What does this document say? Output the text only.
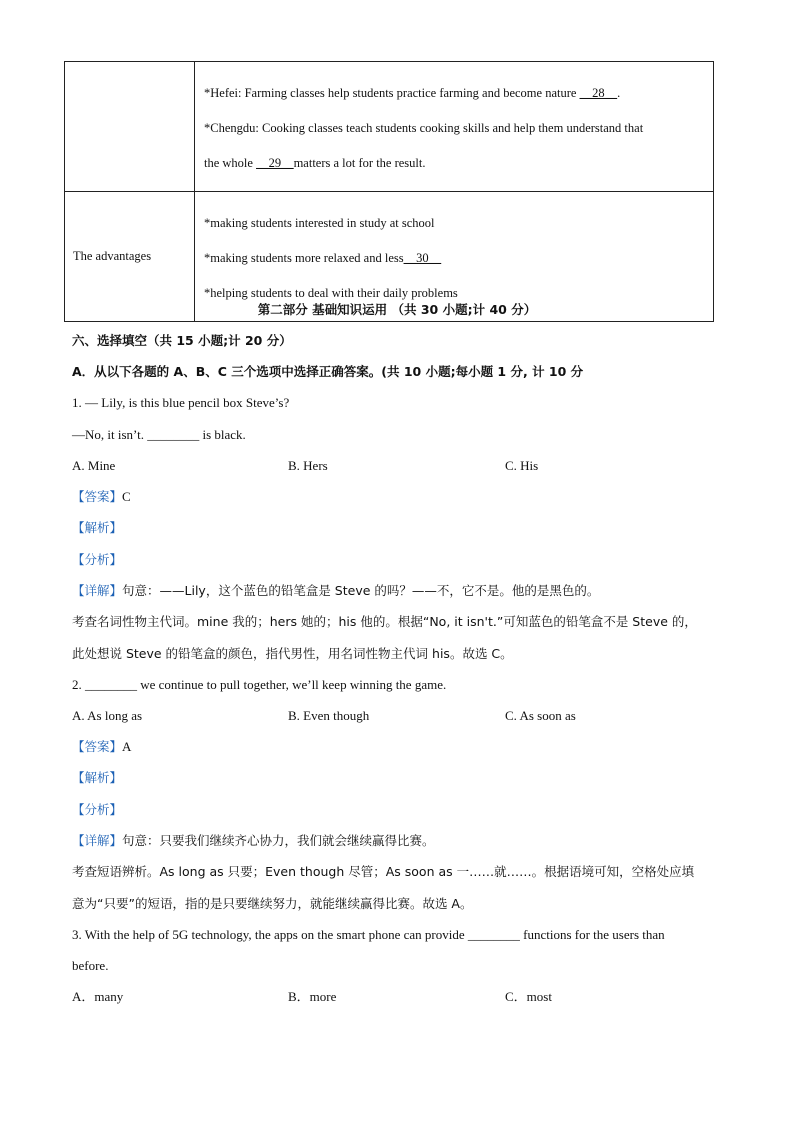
	*Hefei: Farming classes help students practice farming and become nature __28__.

*Chengdu: Cooking classes teach students cooking skills and help them understand that

the whole __29__matters a lot for the result.

The advantages	*making students interested in study at school

*making students more relaxed and less__30__

*helping students to deal with their daily problems

第二部分 基础知识运用 （共 30 小题;计 40 分）
六、选择填空（共 15 小题;计 20 分）
A．从以下各题的 A、B、C 三个选项中选择正确答案。(共 10 小题;每小题 1 分, 计 10 分
1. — Lily, is this blue pencil box Steve’s?
—No, it isn’t. ________ is black.
A. Mine	B. Hers	C. His
【答案】C
【解析】
【分析】
【详解】句意：——Lily，这个蓝色的铅笔盒是 Steve 的吗？——不，它不是。他的是黑色的。
考查名词性物主代词。mine 我的；hers 她的；his 他的。根据“No, it isn't.”可知蓝色的铅笔盒不是 Steve 的，
此处想说 Steve 的铅笔盒的颜色，指代男性，用名词性物主代词 his。故选 C。
2. ________ we continue to pull together, we’ll keep winning the game.
A. As long as	B. Even though	C. As soon as
【答案】A
【解析】
【分析】
【详解】句意：只要我们继续齐心协力，我们就会继续赢得比赛。
考查短语辨析。As long as 只要；Even though 尽管；As soon as 一……就……。根据语境可知，空格处应填
意为“只要”的短语，指的是只要继续努力，就能继续赢得比赛。故选 A。
3. With the help of 5G technology, the apps on the smart phone can provide ________ functions for the users than
before.
A．many	B．more	C．most
